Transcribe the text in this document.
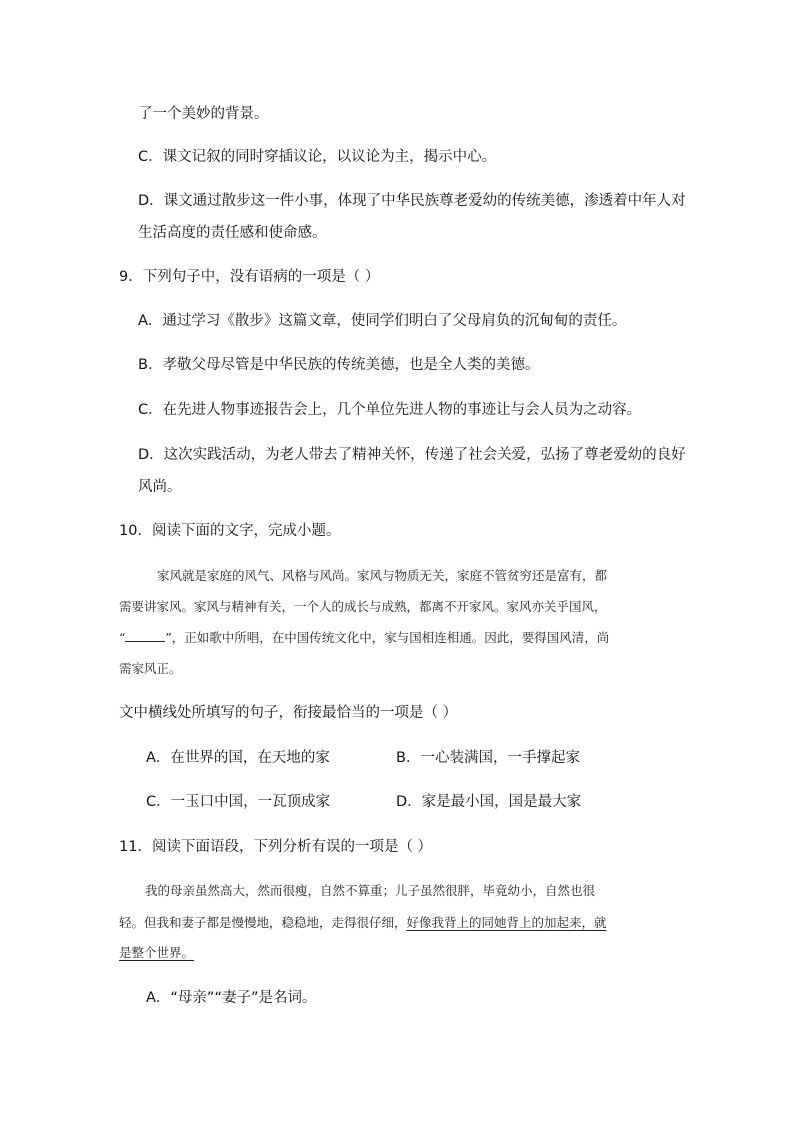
了一个美妙的背景。
C．课文记叙的同时穿插议论，以议论为主，揭示中心。
D．课文通过散步这一件小事，体现了中华民族尊老爱幼的传统美德，渗透着中年人对
生活高度的责任感和使命感。
9．下列句子中，没有语病的一项是（ ）
A．通过学习《散步》这篇文章，使同学们明白了父母肩负的沉甸甸的责任。
B．孝敬父母尽管是中华民族的传统美德，也是全人类的美德。
C．在先进人物事迹报告会上，几个单位先进人物的事迹让与会人员为之动容。
D．这次实践活动，为老人带去了精神关怀，传递了社会关爱，弘扬了尊老爱幼的良好
风尚。
10．阅读下面的文字，完成小题。
家风就是家庭的风气、风格与风尚。家风与物质无关，家庭不管贫穷还是富有，都
需要讲家风。家风与精神有关，一个人的成长与成熟，都离不开家风。家风亦关乎国风，
“	”，正如歌中所唱，在中国传统文化中，家与国相连相通。因此，要得国风清，尚
需家风正。
文中横线处所填写的句子，衔接最恰当的一项是（ ）
A．在世界的国，在天地的家	B．一心装满国，一手撑起家
C．一玉口中国，一瓦顶成家	D．家是最小国，国是最大家
11．阅读下面语段，下列分析有误的一项是（ ）
我的母亲虽然高大，然而很瘦，自然不算重；儿子虽然很胖，毕竟幼小，自然也很
轻。但我和妻子都是慢慢地，稳稳地，走得很仔细，好像我背上的同她背上的加起来，就
是整个世界。
A．“母亲”“妻子”是名词。
